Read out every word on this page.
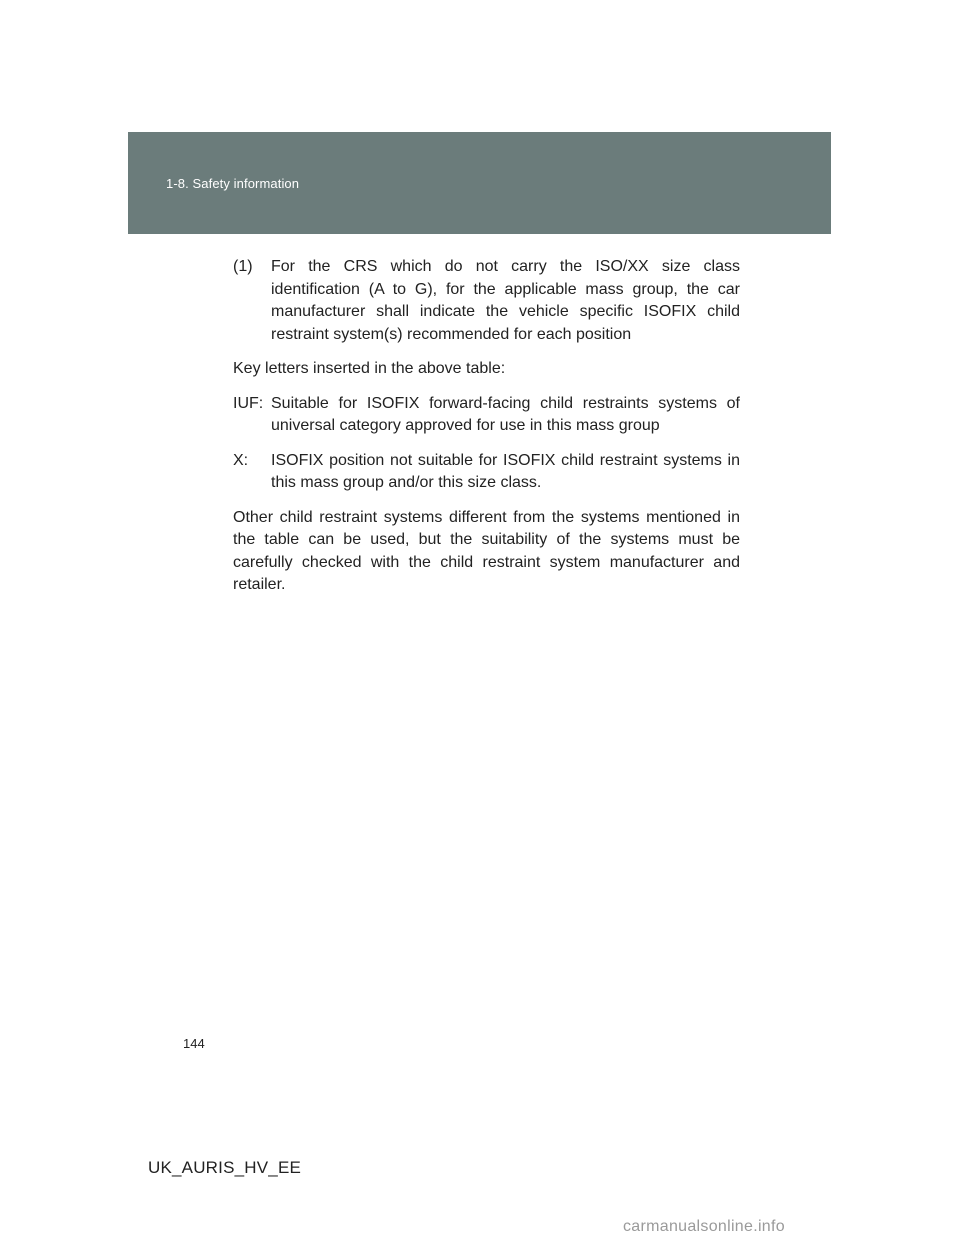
1-8. Safety information
(1)	For the CRS which do not carry the ISO/XX size class identification (A to G), for the applicable mass group, the car manufacturer shall indicate the vehicle specific ISOFIX child restraint system(s) recommended for each position

Key letters inserted in the above table:

IUF: Suitable for ISOFIX forward-facing child restraints systems of universal category approved for use in this mass group
X:	ISOFIX position not suitable for ISOFIX child restraint systems in this mass group and/or this size class.

Other child restraint systems different from the systems mentioned in the table can be used, but the suitability of the systems must be carefully checked with the child restraint system manufacturer and retailer.

144
UK_AURIS_HV_EE
carmanualsonline.info
